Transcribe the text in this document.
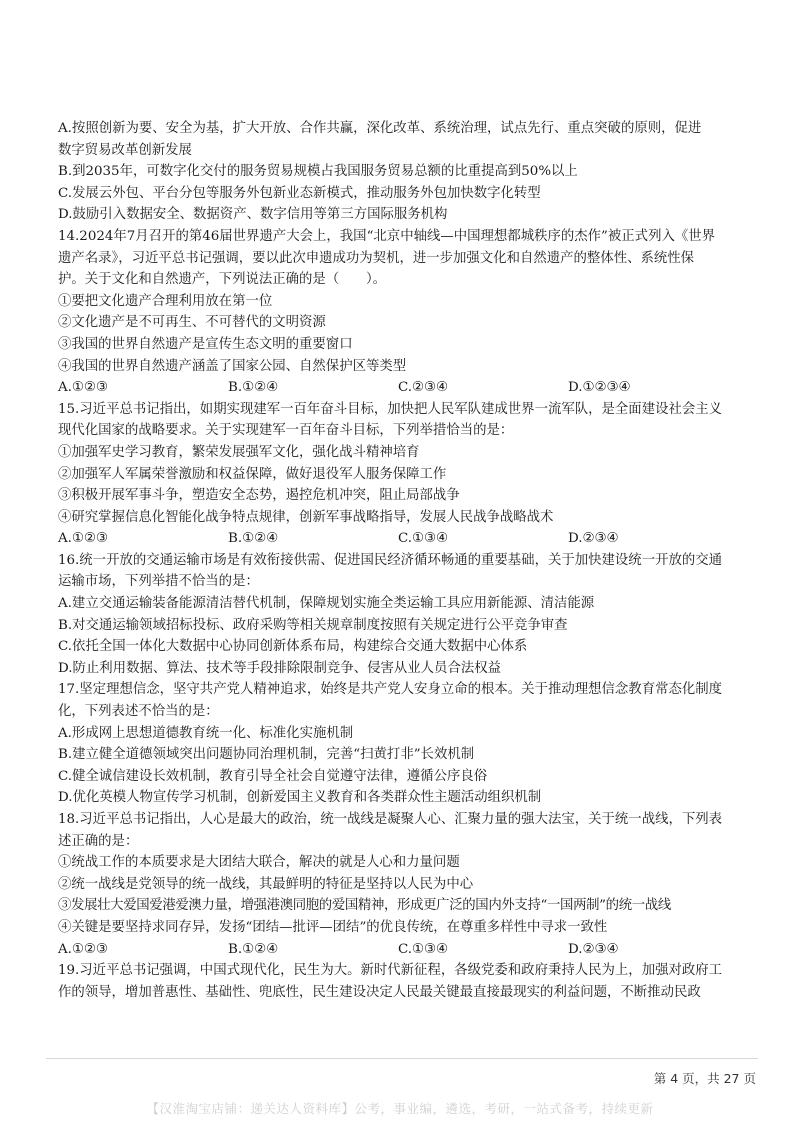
A.按照创新为要、安全为基，扩大开放、合作共赢，深化改革、系统治理，试点先行、重点突破的原则，促进
数字贸易改革创新发展
B.到2035年，可数字化交付的服务贸易规模占我国服务贸易总额的比重提高到50%以上
C.发展云外包、平台分包等服务外包新业态新模式，推动服务外包加快数字化转型
D.鼓励引入数据安全、数据资产、数字信用等第三方国际服务机构
14.2024年7月召开的第46届世界遗产大会上，我国“北京中轴线—中国理想都城秩序的杰作”被正式列入《世界
遗产名录》，习近平总书记强调，要以此次申遗成功为契机，进一步加强文化和自然遗产的整体性、系统性保
护。关于文化和自然遗产，下列说法正确的是（　　）。
①要把文化遗产合理利用放在第一位
②文化遗产是不可再生、不可替代的文明资源
③我国的世界自然遗产是宣传生态文明的重要窗口
④我国的世界自然遗产涵盖了国家公园、自然保护区等类型
A.①②③	B.①②④	C.②③④	D.①②③④
15.习近平总书记指出，如期实现建军一百年奋斗目标，加快把人民军队建成世界一流军队，是全面建设社会主义
现代化国家的战略要求。关于实现建军一百年奋斗目标，下列举措恰当的是：
①加强军史学习教育，繁荣发展强军文化，强化战斗精神培育
②加强军人军属荣誉激励和权益保障，做好退役军人服务保障工作
③积极开展军事斗争，塑造安全态势，遏控危机冲突，阻止局部战争
④研究掌握信息化智能化战争特点规律，创新军事战略指导，发展人民战争战略战术
A.①②③	B.①②④	C.①③④	D.②③④
16.统一开放的交通运输市场是有效衔接供需、促进国民经济循环畅通的重要基础，关于加快建设统一开放的交通
运输市场，下列举措不恰当的是：
A.建立交通运输装备能源清洁替代机制，保障规划实施全类运输工具应用新能源、清洁能源
B.对交通运输领域招标投标、政府采购等相关规章制度按照有关规定进行公平竞争审查
C.依托全国一体化大数据中心协同创新体系布局，构建综合交通大数据中心体系
D.防止利用数据、算法、技术等手段排除限制竞争、侵害从业人员合法权益
17.坚定理想信念，坚守共产党人精神追求，始终是共产党人安身立命的根本。关于推动理想信念教育常态化制度
化，下列表述不恰当的是：
A.形成网上思想道德教育统一化、标准化实施机制
B.建立健全道德领域突出问题协同治理机制，完善“扫黄打非”长效机制
C.健全诚信建设长效机制，教育引导全社会自觉遵守法律，遵循公序良俗
D.优化英模人物宣传学习机制，创新爱国主义教育和各类群众性主题活动组织机制
18.习近平总书记指出，人心是最大的政治，统一战线是凝聚人心、汇聚力量的强大法宝，关于统一战线，下列表
述正确的是：
①统战工作的本质要求是大团结大联合，解决的就是人心和力量问题
②统一战线是党领导的统一战线，其最鲜明的特征是坚持以人民为中心
③发展壮大爱国爱港爱澳力量，增强港澳同胞的爱国精神，形成更广泛的国内外支持“一国两制”的统一战线
④关键是要坚持求同存异，发扬“团结—批评—团结”的优良传统，在尊重多样性中寻求一致性
A.①②③	B.①②④	C.①③④	D.②③④
19.习近平总书记强调，中国式现代化，民生为大。新时代新征程，各级党委和政府秉持人民为上，加强对政府工
作的领导，增加普惠性、基础性、兜底性，民生建设决定人民最关键最直接最现实的利益问题，不断推动民政
第 4 页，共 27 页
【汉淮淘宝店铺：递关达人资料库】公考，事业编，遴选，考研，一站式备考，持续更新
